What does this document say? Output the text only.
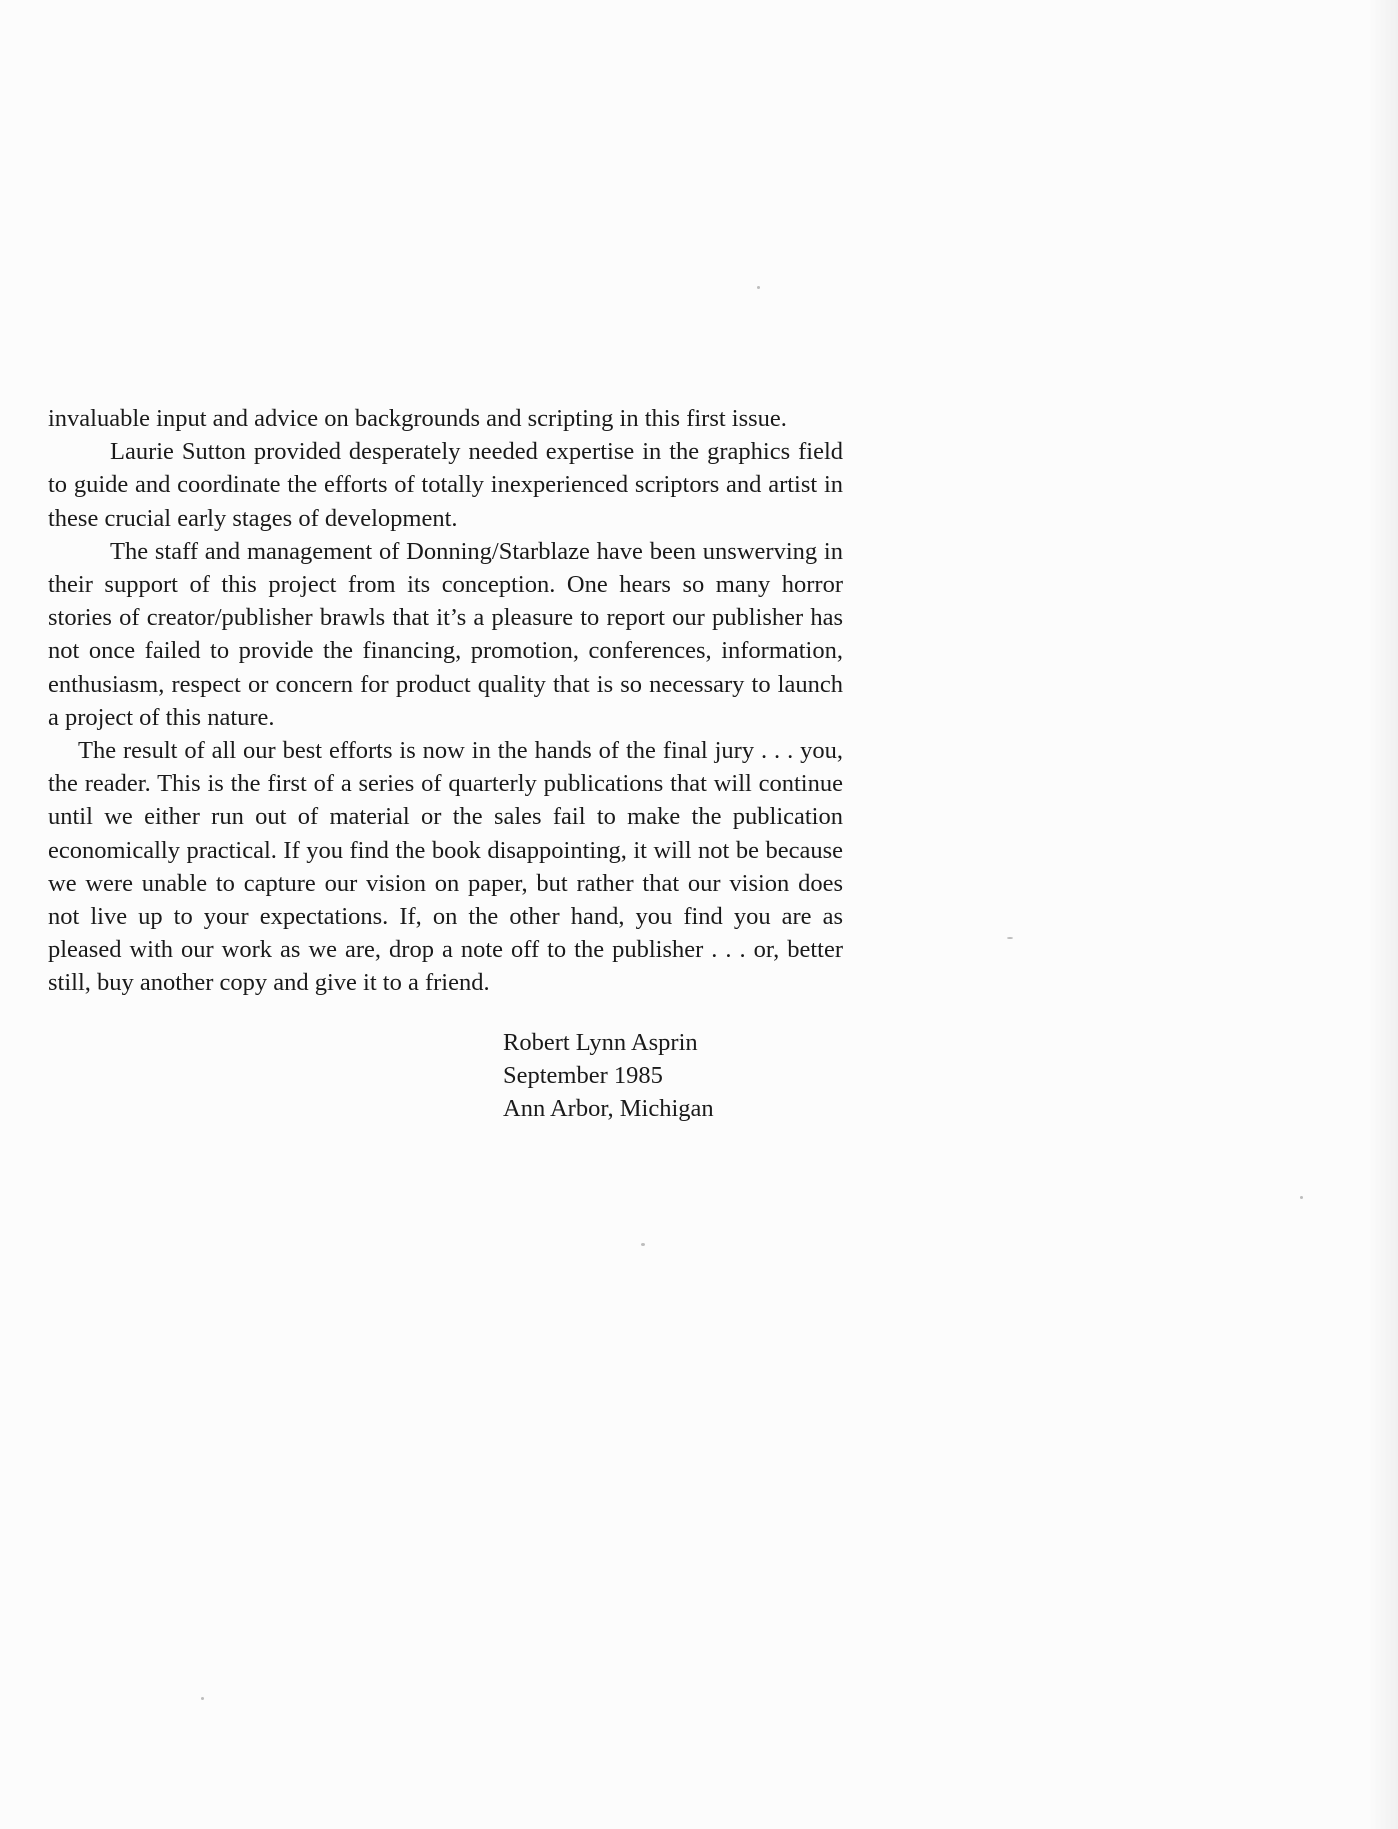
invaluable input and advice on backgrounds and scripting in this first issue.

Laurie Sutton provided desperately needed expertise in the graphics field to guide and coordinate the efforts of totally inexperienced scriptors and artist in these crucial early stages of development.

The staff and management of Donning/Starblaze have been unswerving in their support of this project from its conception. One hears so many horror stories of creator/publisher brawls that it’s a pleasure to report our publisher has not once failed to provide the financing, promotion, conferences, information, enthusiasm, respect or concern for product quality that is so necessary to launch a project of this nature.

The result of all our best efforts is now in the hands of the final jury . . . you, the reader. This is the first of a series of quarterly publications that will continue until we either run out of material or the sales fail to make the publication economically practical. If you find the book disappointing, it will not be because we were unable to capture our vision on paper, but rather that our vision does not live up to your expectations. If, on the other hand, you find you are as pleased with our work as we are, drop a note off to the publisher . . . or, better still, buy another copy and give it to a friend.

Robert Lynn Asprin
September 1985
Ann Arbor, Michigan
